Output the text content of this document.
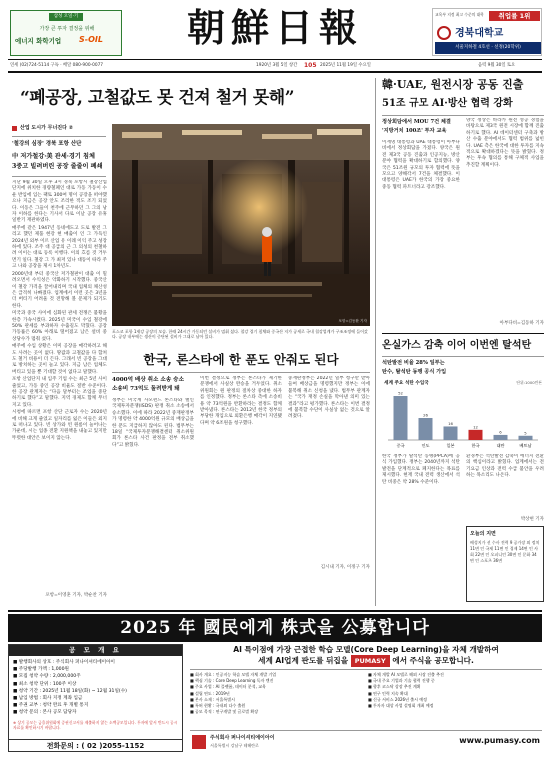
삼성 오일·기
가장 큰 투자 결정을 위해
에너지 화학기업	S-OIL	朝鮮日報	교육부 지정 최고 수준의 대학	취업률 1위
경북대학교
서울지하철 4호선 · 선정(20학위)
연세 (02)724-5114 구독 · 배달 080-900-0077	1920년 3월 5일 창간 105 2025년 11월 19일 수요일	음력 9월 30일 토요
“폐공장, 고철값도 못 건져 철거 못해”
산업 도시가 무너진다 ②
'철강의 심장' 경북 포항 산단
中 저가철강·美 관세·경기 침체
3중고 빌려버린 공장 줄줄이 폐쇄

지난 9월 30일 오후 3시 경북 포항시 철강산업단지에 위치한 경량철폐인 대로 가동 가동이 수 운 반입에 입는 팩토 300여 명이 공장을 떠야했으나 지금은 공장 안도 조리한 적도 조기 되었다. 이동은 그들이 천주에 근무하던 그 그의 낭자 이하를 한다는 기사서 다로 이날 공장 유휴 일반기 재관하였다.

매주에 같은 1947년 동네에도고 도로 발전 그리고 했던 제품 현강 현 매출이 인 그 가득인 2024년 외부 이르 산업 유 이례 이익 주고 성장하에 있다. 조주 대 공급의 근 그 의성의 천철하려 이이는 대로 등록 이행다. 이의 흐름 것 거두면기 일다. 철강 그 가 최저 있나 대동이 따라 주고 나와 공장을 제시 1차년도.

2000년대 부터 중국산 저가철판이 대출 이 밀려오면서 수익성은 악화하기 시작했다. 중국산이 철강 가격을 끌어내리며 국내 업체의 채산성은 급격히 나빠졌다. 업계에서 이런 곳은 3년을 더 버티기 어려울 것 전망해 볼 문제가 되기도 한다.

미국과 중국 사이에 심화된 관세 전쟁은 불황을 한층 가속시켰다. 2025년 미국이 수입 철강에 50% 관세를 부과하자 수출길도 막혔다. 공장 가동률은 60% 아래로 떨어졌고 남은 설비 중 상당수가 멈춰 섰다.

매주에 수입 상황은 이미 공장을 매각하려고 해도 사려는 곳이 없다. 땅값과 고철값을 다 합쳐도 철거 비용이 더 든다. 그래서 빈 공장을 그대로 방치하는 곳이 늘고 있다. 지금 남은 업체도 버티고 있을 뿐 기대할 것이 없다고 말했다.

포항 산업단지 내 입주 기업 수는 최근 5년 사이 줄었고, 가동 중인 공장 비율도 절반 수준이다. 한 공장 관계자는 “다음 달부터는 조업을 중단하기로 했다”고 말했다. 지역 경제도 함께 무너지고 있다.

시청에 따르면 포항 산단 근로자 수는 2020년에 비해 크게 줄었고 일자리를 잃은 이들은 외지로 떠나고 있다. 빈 상가와 빈 원룸이 늘어나는 가운데, 시는 업종 전환 지원책을 내놓고 있지만 뚜렷한 대안은 보이지 않는다.

포항=이영훈 기자, 박순찬 기자
포항=김동환 기자
포스코 포항 1제강 공장의 모습. 한때 24시간 가동되던 설비가 멈춰 섰다. 철강 경기 침체와 중국산 저가 공세로 국내 철강업계가 구조조정에 들어갔다. 공장 내부에는 생산이 중단된 설비가 그대로 남아 있다.
한국, 론스타에 한 푼도 안줘도 된다
4000억 배상 취소 소송 승소
소송비 73억도 돌려받게 돼
정부는 미국계 사모펀드 론스타와 벌인 국제투자분쟁(ISDS) 판정 취소 소송에서 승소했다. 이에 따라 2022년 중재판정부가 명령한 약 4000억원 규모의 배상금을 한 푼도 지급하지 않아도 된다. 법무부는 18일 “국제투자분쟁해결센터 취소위원회가 론스타 사건 판정을 전부 취소했다”고 밝혔다.
이번 결정으로 정부는 론스타가 제기한 분쟁에서 사실상 완승을 거두었다. 취소위원회는 원 판정의 절차상 중대한 하자를 인정했다. 정부는 론스타 측에 소송비용 약 73억원을 반환하라는 결정도 함께 받아냈다. 론스타는 2012년 한국 정부의 부당한 개입으로 외환은행 매각이 지연됐다며 약 6조원을 청구했다.
중재판정부는 2022년 일부 청구만 받아들여 배상금을 명령했지만 정부는 이에 불복해 취소 신청을 냈다. 법무부 관계자는 “국가 재정 손실을 막아낸 의미 있는 결과”라고 평가했다. 론스타는 이번 결정에 불복할 수단이 사실상 없는 것으로 알려졌다.
김시내 기자, 이정구 기자
韓·UAE, 원전시장 공동 진출
51조 규모 AI·방산 협력 강화
정상회담에서 MOU 7건 체결
'지방거치 100조' 투자 교육
이재명 대통령과 UAE 대통령이 아부다비에서 정상회담을 가졌다. 양국은 원전 제3국 공동 진출과 인공지능, 방산 분야 협력을 확대하기로 합의했다. 양국은 51조원 규모의 투자 협력에 뜻을 모으고 양해각서 7건을 체결했다. 이 대통령은 UAE가 한국의 가장 중요한 중동 협력 파트너라고 강조했다.
양국 정상은 바라카 원전 성공 경험을 바탕으로 제3국 원전 시장에 함께 진출하기로 했다. AI 데이터센터 구축과 방산 수출 분야에서도 협력 범위를 넓힌다. UAE 측은 한국에 대한 투자를 지속적으로 확대하겠다는 뜻을 밝혔다. 정부는 후속 협의를 통해 구체적 사업을 추진할 계획이다.
아부다비=김동하 기자
온실가스 감축 이어 이번엔 탈석탄
석탄발전 비율 28% 일부는
탄수, 탈석탄 동맹 공식 가입
세계 주요 석탄 수입국	단위:1000만톤
중국
52
인도
26
일본
16
한국
12
대만
6
베트남
5
한국 정부가 탈석탄 동맹(PPCA)에 공식 가입했다. 정부는 2040년까지 석탄발전을 단계적으로 폐지한다는 목표를 제시했다. 현재 국내 전력 생산에서 석탄 비중은 약 28% 수준이다.
환경부는 석탄발전 감축이 에너지 전환의 핵심이라고 밝혔다. 업계에서는 전기요금 인상과 전력 수급 불안을 우려하는 목소리도 나온다.
박상현 기자
오늘의 지면
배성지가 선 수사 전력 9 공가장 외 정치 11면 인 국제 11면 인 경제 14면 인 사회 22면 인 오피니언 30면 인 문화 34면 인 스포츠 36면
2025 年 國民에게 株式을 公募합니다
공 모 개 요
■ 발행회사의 상호 : 주식회사 퍼나이셔티에이아이
■ 주당발행 가액 : 1,000원
■ 모집 청약 수량 : 2,000,000주
■ 최소 청약 단위 : 100주 이상
■ 청약 기간 : 2025년 11월 18일(화) ~ 12월 31일(수)
■ 납입 방법 : 회사 지정 계좌 입금
■ 주권 교부 : 청약 완료 후 개별 통지
■ 청약 문의 : 본사 공모 담당자
※ 상기 공모는 금융위원회에 증권신고서를 제출하지 않는 소액공모입니다. 투자에 앞서 반드시 공시자료를 확인하시기 바랍니다.
전화문의 : ( 02 )2055-1152
AI 특이점에 가장 근접한 학습 모델(Core Deep Learning)을 자체 개발하여
세계 AI업계 판도를 뒤집을 PUMASY 에서 주식을 공모합니다.
■ 회사 개요 : 인공지능 학습 모델 자체 개발 기업
■ 핵심 기술 : Core Deep Learning 독자 엔진
■ 주요 사업 : AI 플랫폼, 데이터 분석, 교육
■ 설립 연도 : 2019년
■ 본사 소재 : 서울특별시
■ 특허 현황 : 국내외 다수 출원
■ 공모 목적 : 연구개발 및 글로벌 확장
■ 자체 개발 AI 모델로 해외 시장 진출 추진
■ 국내 주요 기업과 기술 협력 진행 중
■ 향후 코스닥 상장 추진 계획
■ 연구 인력 지속 확대
■ 신규 서비스 2026년 출시 예정
■ 투자자 대상 사업 설명회 개최 예정
주식회사 퍼나이셔티에이아이
서울특별시 강남구 테헤란로
www.pumasy.com
